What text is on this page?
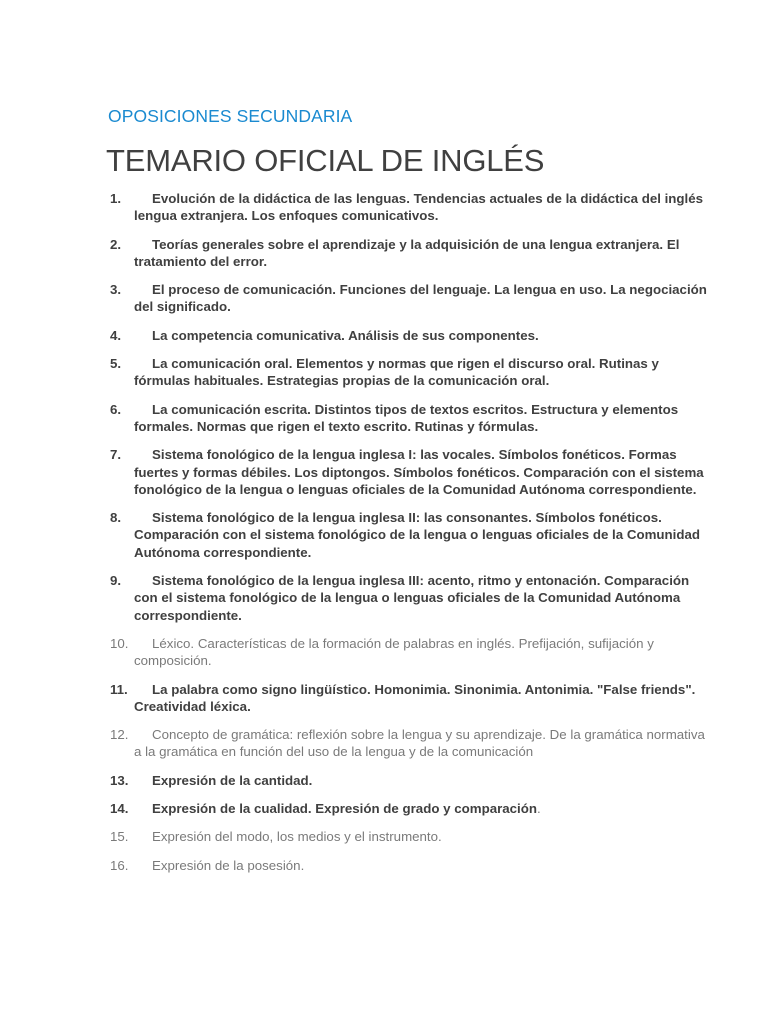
OPOSICIONES SECUNDARIA
TEMARIO OFICIAL DE INGLÉS
1. Evolución de la didáctica de las lenguas. Tendencias actuales de la didáctica del inglés lengua extranjera. Los enfoques comunicativos.
2. Teorías generales sobre el aprendizaje y la adquisición de una lengua extranjera. El tratamiento del error.
3. El proceso de comunicación. Funciones del lenguaje. La lengua en uso. La negociación del significado.
4. La competencia comunicativa. Análisis de sus componentes.
5. La comunicación oral. Elementos y normas que rigen el discurso oral. Rutinas y fórmulas habituales. Estrategias propias de la comunicación oral.
6. La comunicación escrita. Distintos tipos de textos escritos. Estructura y elementos formales. Normas que rigen el texto escrito. Rutinas y fórmulas.
7. Sistema fonológico de la lengua inglesa I: las vocales. Símbolos fonéticos. Formas fuertes y formas débiles. Los diptongos. Símbolos fonéticos. Comparación con el sistema fonológico de la lengua o lenguas oficiales de la Comunidad Autónoma correspondiente.
8. Sistema fonológico de la lengua inglesa II: las consonantes. Símbolos fonéticos. Comparación con el sistema fonológico de la lengua o lenguas oficiales de la Comunidad Autónoma correspondiente.
9. Sistema fonológico de la lengua inglesa III: acento, ritmo y entonación. Comparación con el sistema fonológico de la lengua o lenguas oficiales de la Comunidad Autónoma correspondiente.
10. Léxico. Características de la formación de palabras en inglés. Prefijación, sufijación y composición.
11. La palabra como signo lingüístico. Homonimia. Sinonimia. Antonimia. "False friends". Creatividad léxica.
12. Concepto de gramática: reflexión sobre la lengua y su aprendizaje. De la gramática normativa a la gramática en función del uso de la lengua y de la comunicación
13. Expresión de la cantidad.
14. Expresión de la cualidad. Expresión de grado y comparación.
15. Expresión del modo, los medios y el instrumento.
16. Expresión de la posesión.
